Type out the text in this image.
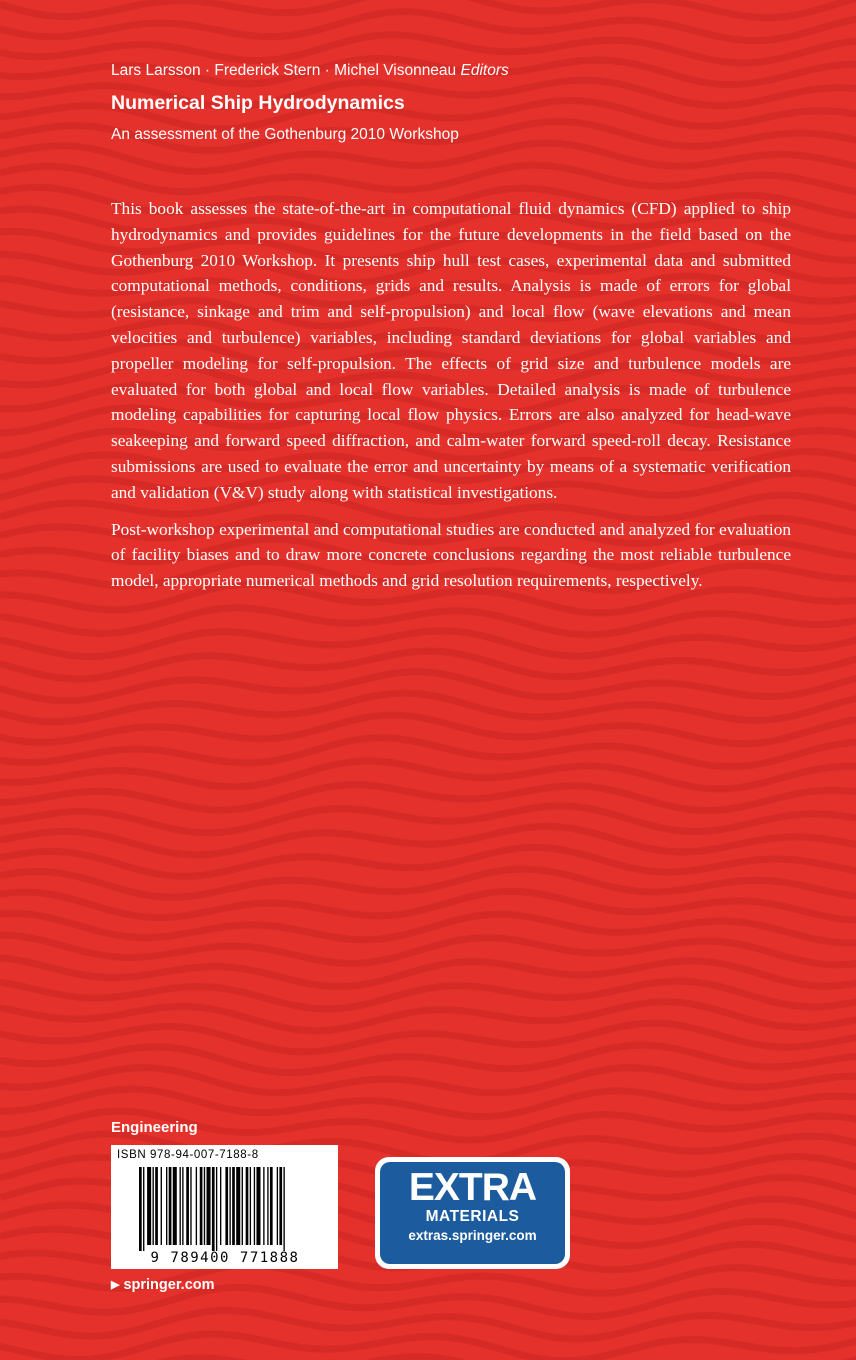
Lars Larsson · Frederick Stern · Michel Visonneau Editors
Numerical Ship Hydrodynamics
An assessment of the Gothenburg 2010 Workshop

This book assesses the state-of-the-art in computational fluid dynamics (CFD) applied to ship hydrodynamics and provides guidelines for the future developments in the field based on the Gothenburg 2010 Workshop. It presents ship hull test cases, experimental data and submitted computational methods, conditions, grids and results. Analysis is made of errors for global (resistance, sinkage and trim and self-propulsion) and local flow (wave elevations and mean velocities and turbulence) variables, including standard deviations for global variables and propeller modeling for self-propulsion. The effects of grid size and turbulence models are evaluated for both global and local flow variables. Detailed analysis is made of turbulence modeling capabilities for capturing local flow physics. Errors are also analyzed for head-wave seakeeping and forward speed diffraction, and calm-water forward speed-roll decay. Resistance submissions are used to evaluate the error and uncertainty by means of a systematic verification and validation (V&V) study along with statistical investigations.

Post-workshop experimental and computational studies are conducted and analyzed for evaluation of facility biases and to draw more concrete conclusions regarding the most reliable turbulence model, appropriate numerical methods and grid resolution requirements, respectively.

Engineering
ISBN 978-94-007-7188-8
9 789400 771888
▶ springer.com
EXTRA
MATERIALS
extras.springer.com
